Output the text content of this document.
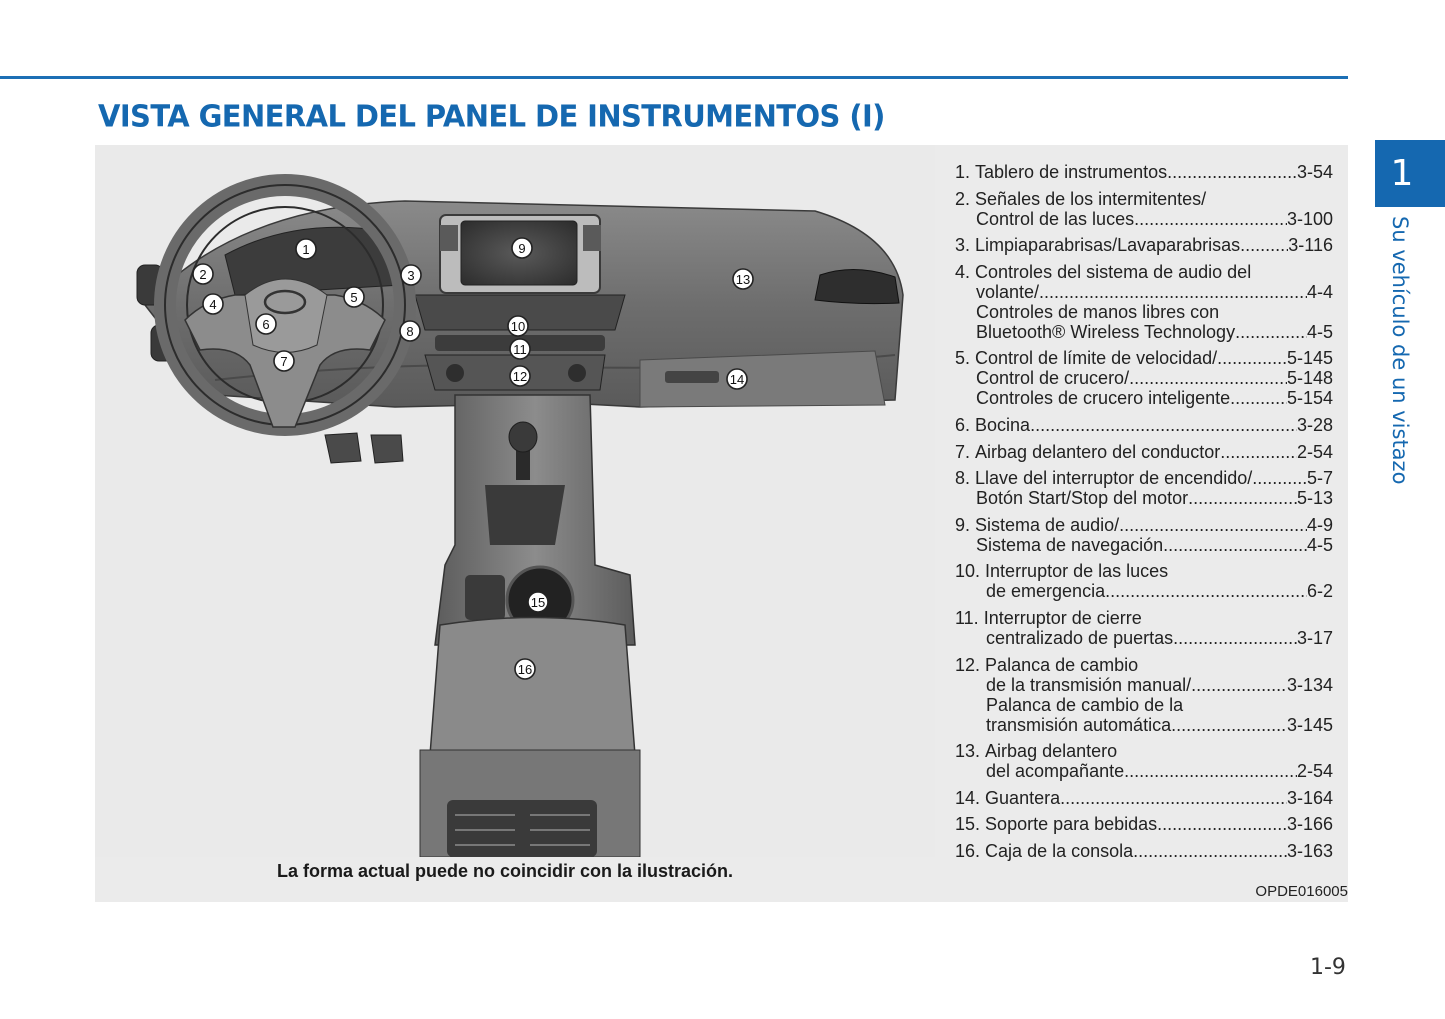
VISTA GENERAL DEL PANEL DE INSTRUMENTOS (I)
1
Su vehículo de un vistazo
1
2	3
4	5
6
7
8
9
10
11
12
13
14
15
16
La forma actual puede no coincidir con la ilustración.
OPDE016005
1.
Tablero de instrumentos .....	3-54
2.
Señales de los intermitentes/
Control de las luces .....	3-100
3.
Limpiaparabrisas/Lavaparabrisas .....	3-116
4.
Controles del sistema de audio del
volante/ .....	4-4
Controles de manos libres con
Bluetooth® Wireless Technology .....	4-5
5.
Control de límite de velocidad/ .....	5-145
Control de crucero/ .....	5-148
Controles de crucero inteligente .....	5-154
6.
Bocina .....	3-28
7.
Airbag delantero del conductor .....	2-54
8.
Llave del interruptor de encendido/ .....	5-7
Botón Start/Stop del motor .....	5-13
9.
Sistema de audio/ .....	4-9
Sistema de navegación .....	4-5
10.
Interruptor de las luces
de emergencia .....	6-2
11.
Interruptor de cierre
centralizado de puertas .....	3-17
12.
Palanca de cambio
de la transmisión manual/ .....	3-134
Palanca de cambio de la
transmisión automática .....	3-145
13.
Airbag delantero
del acompañante .....	2-54
14.
Guantera .....	3-164
15.
Soporte para bebidas .....	3-166
16.
Caja de la consola .....	3-163
1-9
